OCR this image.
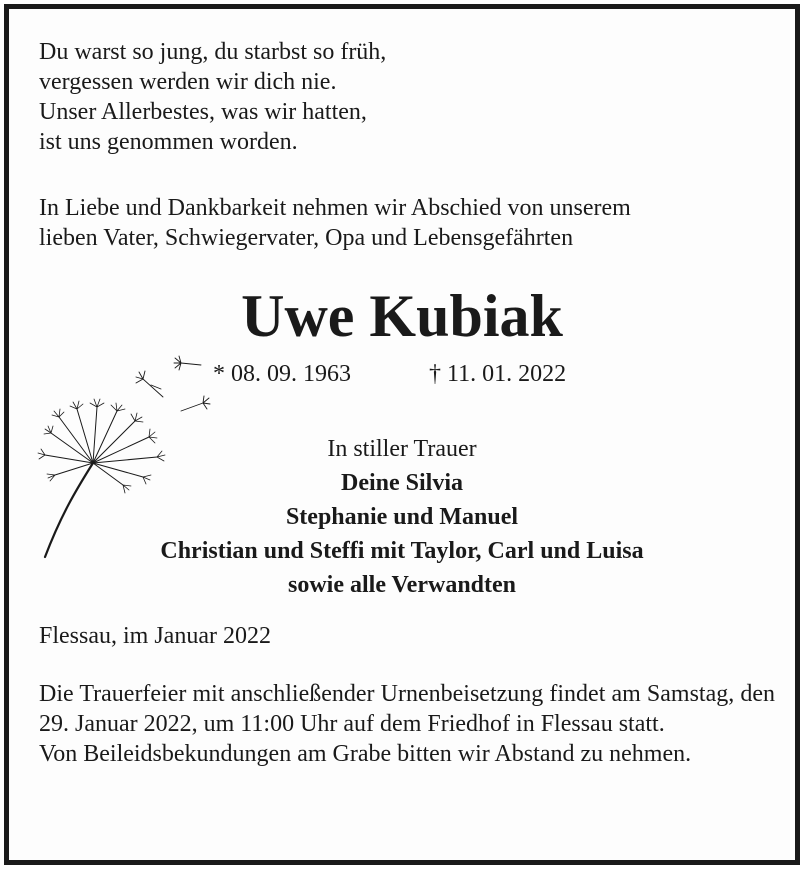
Du warst so jung, du starbst so früh,
vergessen werden wir dich nie.
Unser Allerbestes, was wir hatten,
ist uns genommen worden.
In Liebe und Dankbarkeit nehmen wir Abschied von unserem
lieben Vater, Schwiegervater, Opa und Lebensgefährten
Uwe Kubiak
* 08. 09. 1963	† 11. 01. 2022
In stiller Trauer
Deine Silvia
Stephanie und Manuel
Christian und Steffi mit Taylor, Carl und Luisa
sowie alle Verwandten
Flessau, im Januar 2022
Die Trauerfeier mit anschließender Urnenbeisetzung findet am Samstag, den 29. Januar 2022, um 11:00 Uhr auf dem Friedhof in Flessau statt.
Von Beileidsbekundungen am Grabe bitten wir Abstand zu nehmen.
